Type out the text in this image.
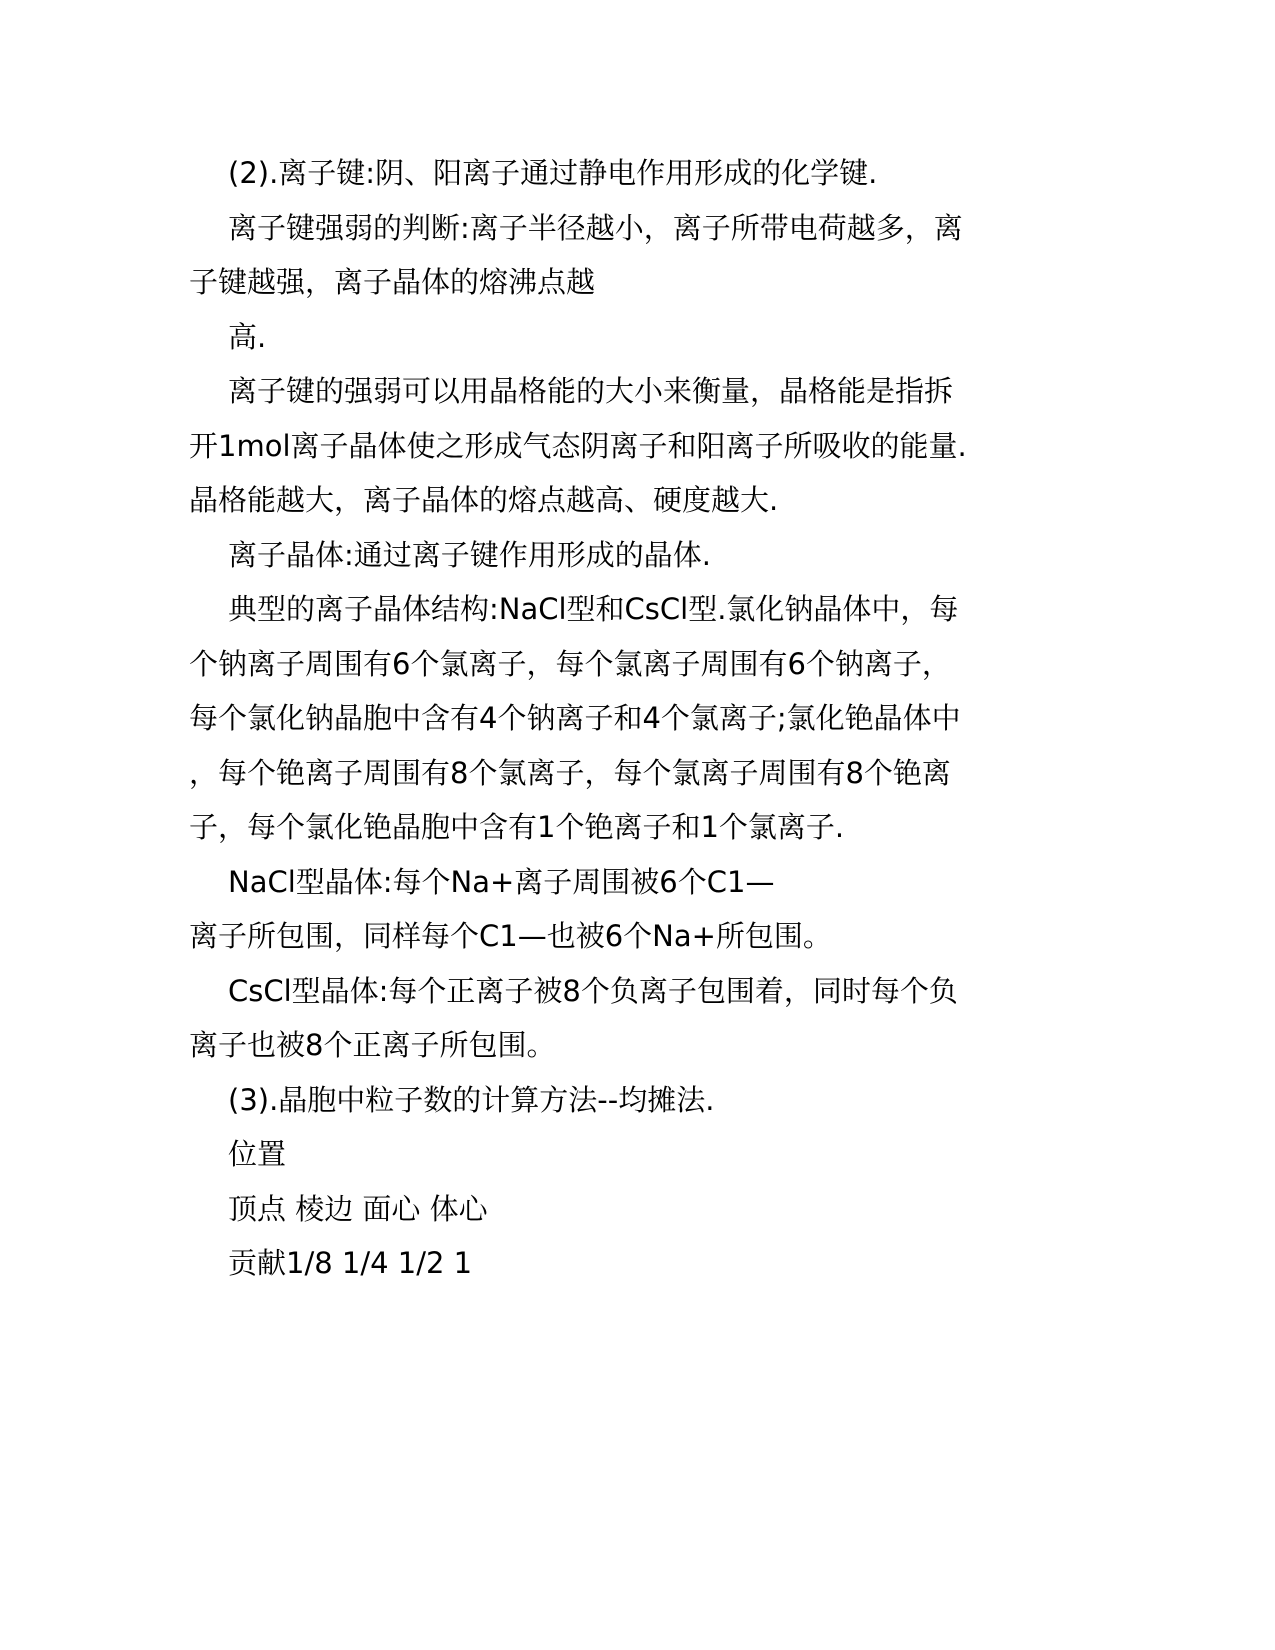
(2).离子键:阴、阳离子通过静电作用形成的化学键.
离子键强弱的判断:离子半径越小，离子所带电荷越多，离
子键越强，离子晶体的熔沸点越
高.
离子键的强弱可以用晶格能的大小来衡量，晶格能是指拆
开1mol离子晶体使之形成气态阴离子和阳离子所吸收的能量.
晶格能越大，离子晶体的熔点越高、硬度越大.
离子晶体:通过离子键作用形成的晶体.
典型的离子晶体结构:NaCl型和CsCl型.氯化钠晶体中，每
个钠离子周围有6个氯离子，每个氯离子周围有6个钠离子，
每个氯化钠晶胞中含有4个钠离子和4个氯离子;氯化铯晶体中
，每个铯离子周围有8个氯离子，每个氯离子周围有8个铯离
子，每个氯化铯晶胞中含有1个铯离子和1个氯离子.
NaCl型晶体:每个Na+离子周围被6个C1—
离子所包围，同样每个C1—也被6个Na+所包围。
CsCl型晶体:每个正离子被8个负离子包围着，同时每个负
离子也被8个正离子所包围。
(3).晶胞中粒子数的计算方法--均摊法.
位置
顶点 棱边 面心 体心
贡献1/8 1/4 1/2 1
